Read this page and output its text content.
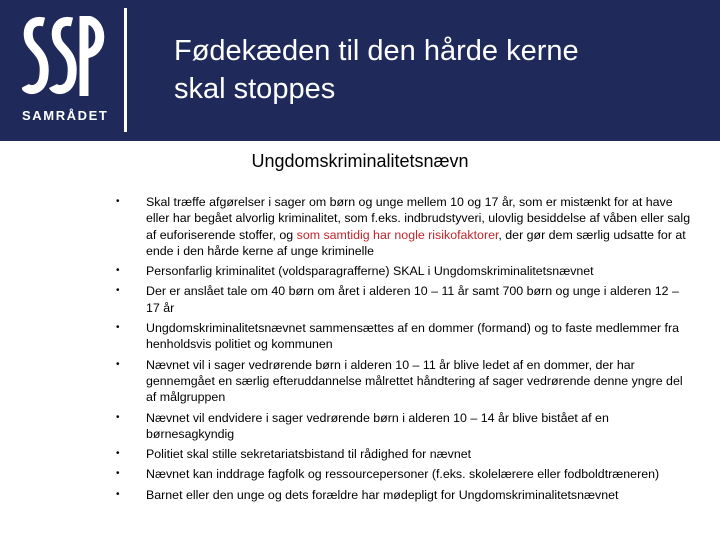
SAMRÅDET
Fødekæden til den hårde kerne
skal stoppes
Ungdomskriminalitetsnævn
• Skal træffe afgørelser i sager om børn og unge mellem 10 og 17 år, som er mistænkt for at have eller har begået alvorlig kriminalitet, som f.eks. indbrudstyveri, ulovlig besiddelse af våben eller salg af euforiserende stoffer, og som samtidig har nogle risikofaktorer, der gør dem særlig udsatte for at ende i den hårde kerne af unge kriminelle
• Personfarlig kriminalitet (voldsparagrafferne) SKAL i Ungdomskriminalitetsnævnet
• Der er anslået tale om 40 børn om året i alderen 10 – 11 år samt 700 børn og unge i alderen 12 – 17 år
• Ungdomskriminalitetsnævnet sammensættes af en dommer (formand) og to faste medlemmer fra henholdsvis politiet og kommunen
• Nævnet vil i sager vedrørende børn i alderen 10 – 11 år blive ledet af en dommer, der har gennemgået en særlig efteruddannelse målrettet håndtering af sager vedrørende denne yngre del af målgruppen
• Nævnet vil endvidere i sager vedrørende børn i alderen 10 – 14 år blive bistået af en børnesagkyndig
• Politiet skal stille sekretariatsbistand til rådighed for nævnet
• Nævnet kan inddrage fagfolk og ressourcepersoner (f.eks. skolelærere eller fodboldtræneren)
• Barnet eller den unge og dets forældre har mødepligt for Ungdomskriminalitetsnævnet
